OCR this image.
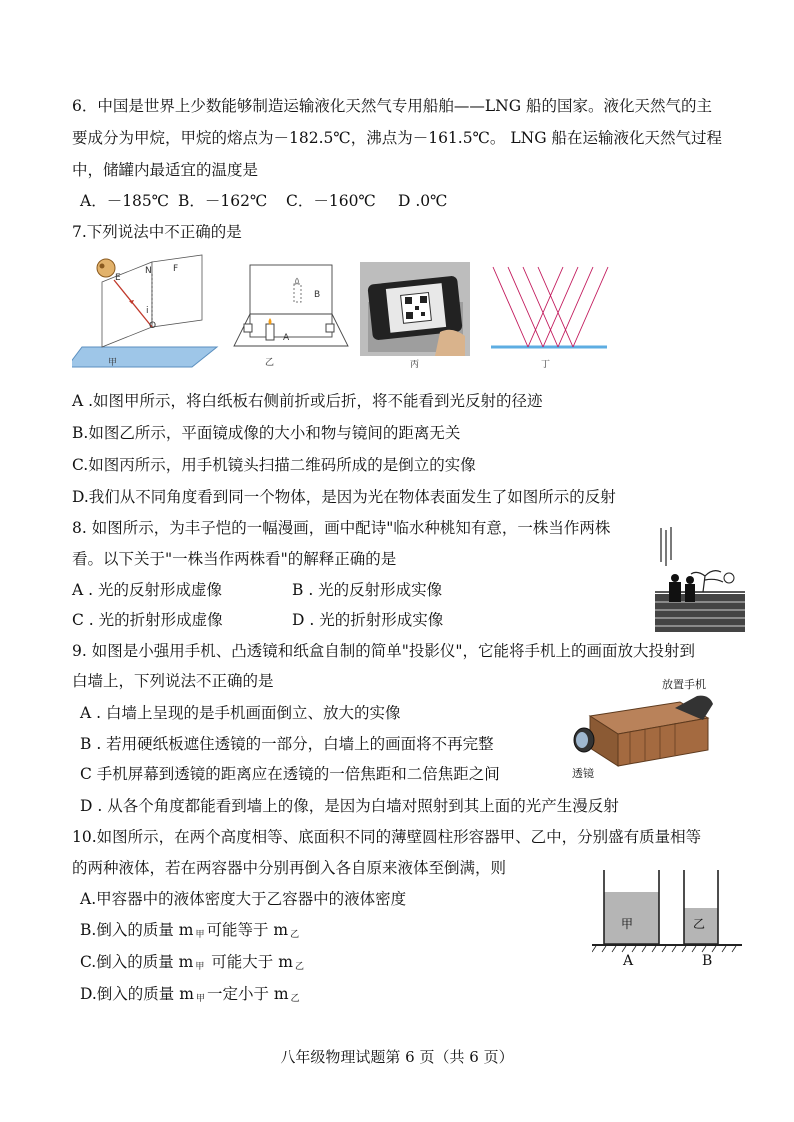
6．中国是世界上少数能够制造运输液化天然气专用船舶——LNG 船的国家。液化天然气的主
要成分为甲烷，甲烷的熔点为－182.5℃，沸点为－161.5℃。 LNG 船在运输液化天然气过程
中，储罐内最适宜的温度是
A．－185℃ B．－162℃ C．－160℃ D .0℃
7.下列说法中不正确的是
甲
E
N F
i
O
乙
B
A
丙	丁
A .如图甲所示，将白纸板右侧前折或后折，将不能看到光反射的径迹
B.如图乙所示，平面镜成像的大小和物与镜间的距离无关
C.如图丙所示，用手机镜头扫描二维码所成的是倒立的实像
D.我们从不同角度看到同一个物体，是因为光在物体表面发生了如图所示的反射
8. 如图所示，为丰子恺的一幅漫画，画中配诗"临水种桃知有意，一株当作两株
看。以下关于"一株当作两株看"的解释正确的是
A . 光的反射形成虚像	B . 光的反射形成实像
C . 光的折射形成虚像	D . 光的折射形成实像
9. 如图是小强用手机、凸透镜和纸盒自制的简单"投影仪"，它能将手机上的画面放大投射到
白墙上，下列说法不正确的是	放置手机
透镜
A . 白墙上呈现的是手机画面倒立、放大的实像
B . 若用硬纸板遮住透镜的一部分，白墙上的画面将不再完整
C 手机屏幕到透镜的距离应在透镜的一倍焦距和二倍焦距之间
D . 从各个角度都能看到墙上的像，是因为白墙对照射到其上面的光产生漫反射
10.如图所示，在两个高度相等、底面积不同的薄壁圆柱形容器甲、乙中，分别盛有质量相等
的两种液体，若在两容器中分别再倒入各自原来液体至倒满，则
A.甲容器中的液体密度大于乙容器中的液体密度
B.倒入的质量 m $_甲$ 可能等于 m $_乙$
C.倒入的质量 m $_甲$ 可能大于 m $_乙$
D.倒入的质量 m $_甲$ 一定小于 m $_乙$
甲	乙
A	B
八年级物理试题第 6 页（共 6 页）
